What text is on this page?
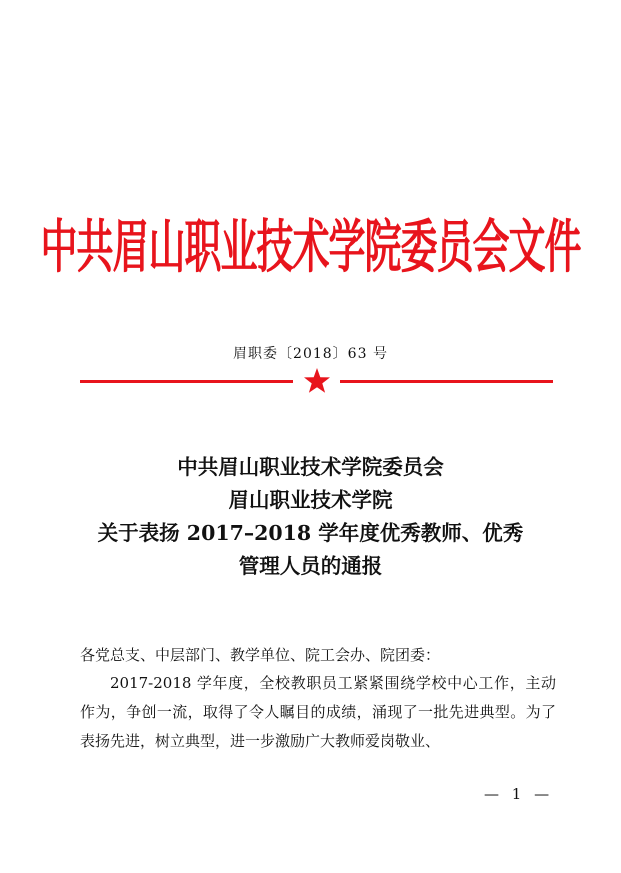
中共眉山职业技术学院委员会文件
眉职委〔2018〕63 号
中共眉山职业技术学院委员会
眉山职业技术学院
关于表扬 2017–2018 学年度优秀教师、优秀
管理人员的通报
各党总支、中层部门、教学单位、院工会办、院团委：
2017-2018 学年度，全校教职员工紧紧围绕学校中心工作，主动作为，争创一流，取得了令人瞩目的成绩，涌现了一批先进典型。为了表扬先进，树立典型，进一步激励广大教师爱岗敬业、
— 1 —
